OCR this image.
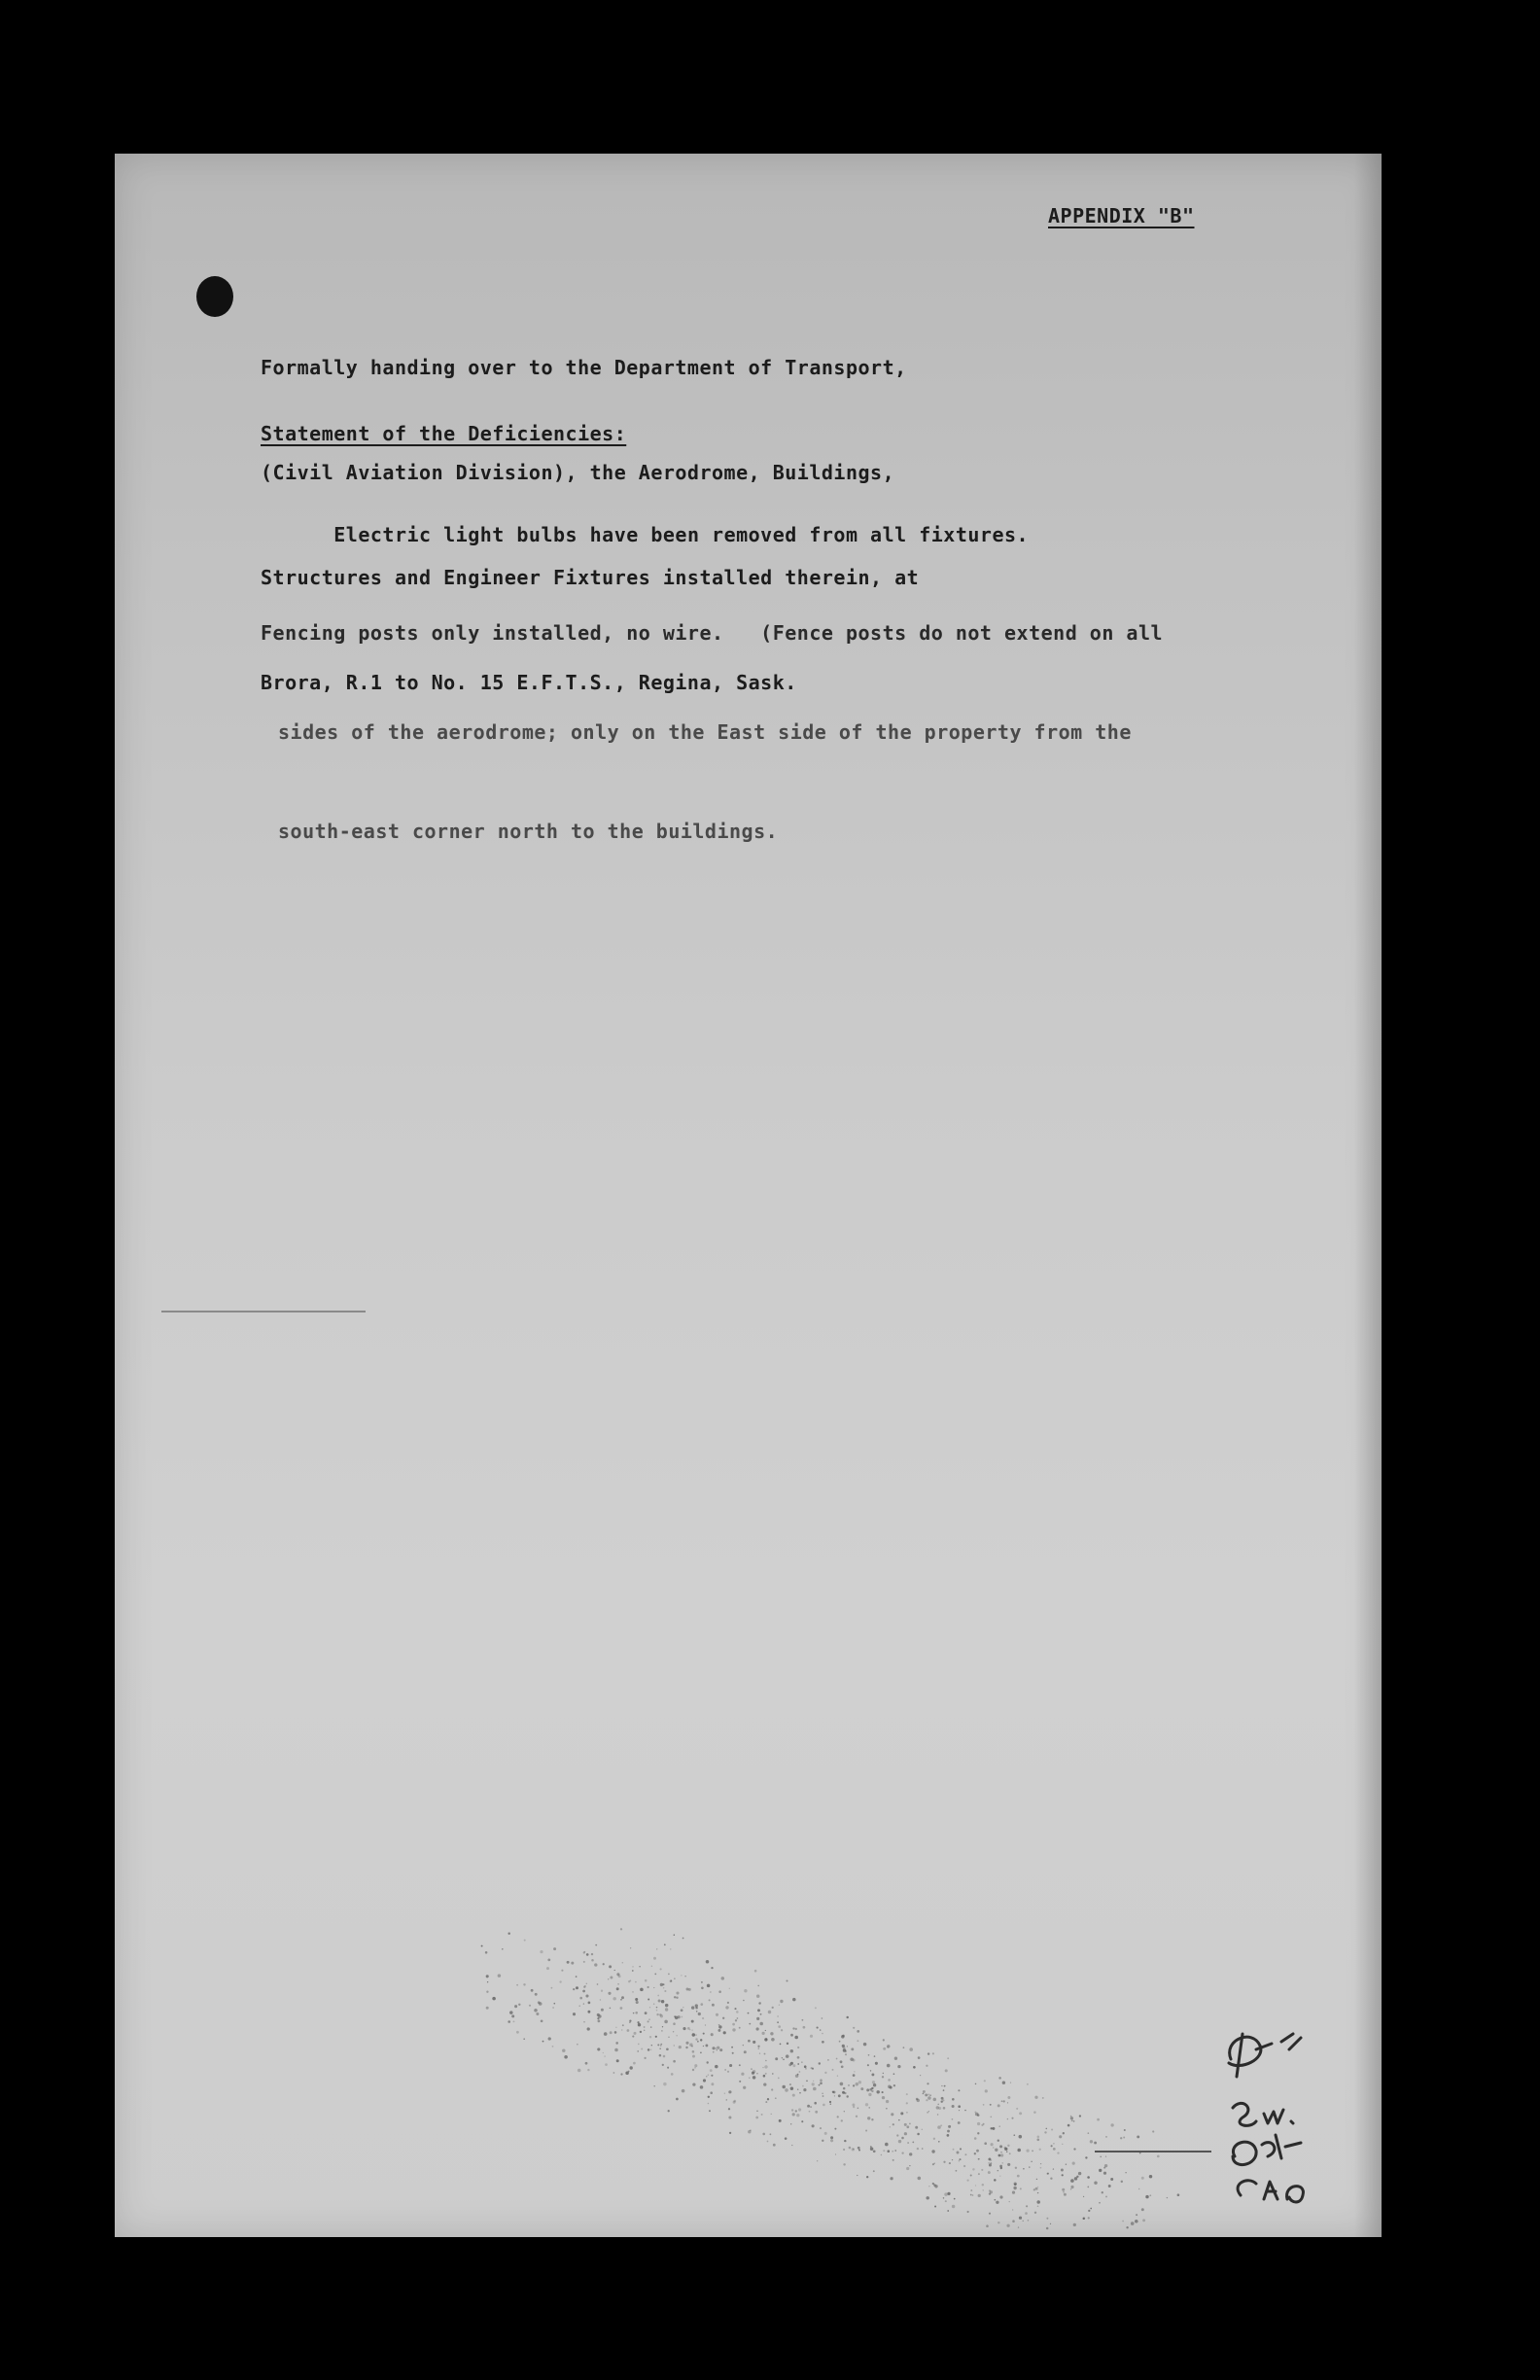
APPENDIX "B"

Formally handing over to the Department of Transport,

(Civil Aviation Division), the Aerodrome, Buildings,

Structures and Engineer Fixtures installed therein, at

Brora, R.1 to No. 15 E.F.T.S., Regina, Sask.

Statement of the Deficiencies:

Electric light bulbs have been removed from all fixtures.

Fencing posts only installed, no wire.   (Fence posts do not extend on all

sides of the aerodrome; only on the East side of the property from the

south-east corner north to the buildings.
